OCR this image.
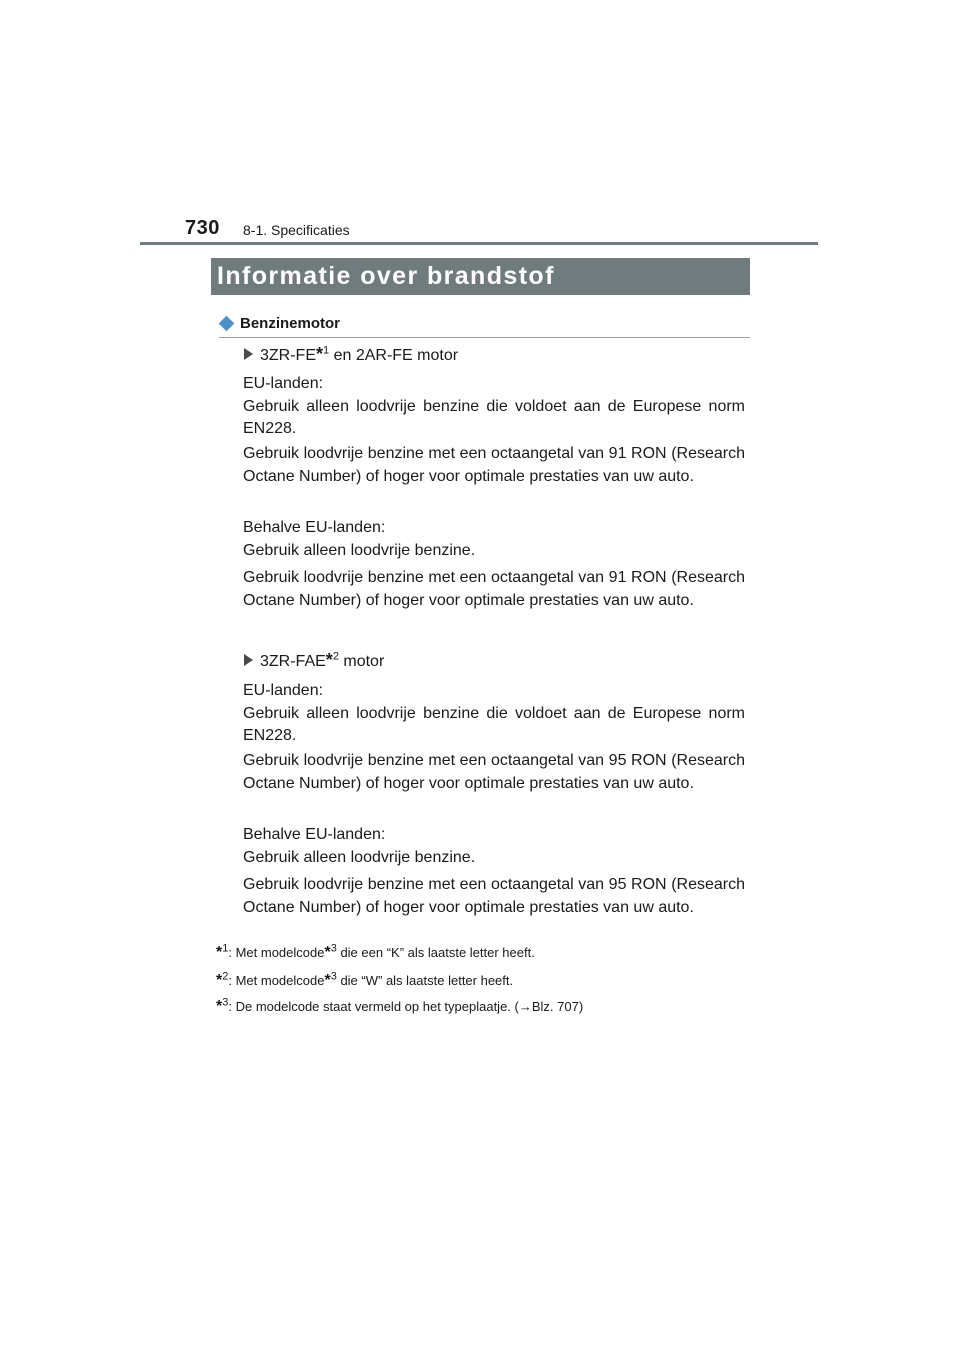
730 8-1. Specificaties
Informatie over brandstof
Benzinemotor
3ZR-FE*$^1$ en 2AR-FE motor

EU-landen:

Gebruik alleen loodvrije benzine die voldoet aan de Europese norm EN228.

Gebruik loodvrije benzine met een octaangetal van 91 RON (Research Octane Number) of hoger voor optimale prestaties van uw auto.

Behalve EU-landen:

Gebruik alleen loodvrije benzine.

Gebruik loodvrije benzine met een octaangetal van 91 RON (Research Octane Number) of hoger voor optimale prestaties van uw auto.
3ZR-FAE*$^2$ motor

EU-landen:

Gebruik alleen loodvrije benzine die voldoet aan de Europese norm EN228.

Gebruik loodvrije benzine met een octaangetal van 95 RON (Research Octane Number) of hoger voor optimale prestaties van uw auto.

Behalve EU-landen:

Gebruik alleen loodvrije benzine.

Gebruik loodvrije benzine met een octaangetal van 95 RON (Research Octane Number) of hoger voor optimale prestaties van uw auto.
*$^1$: Met modelcode*$^3$ die een “K” als laatste letter heeft.
*$^2$: Met modelcode*$^3$ die “W” als laatste letter heeft.
*$^3$: De modelcode staat vermeld op het typeplaatje. (→Blz. 707)
